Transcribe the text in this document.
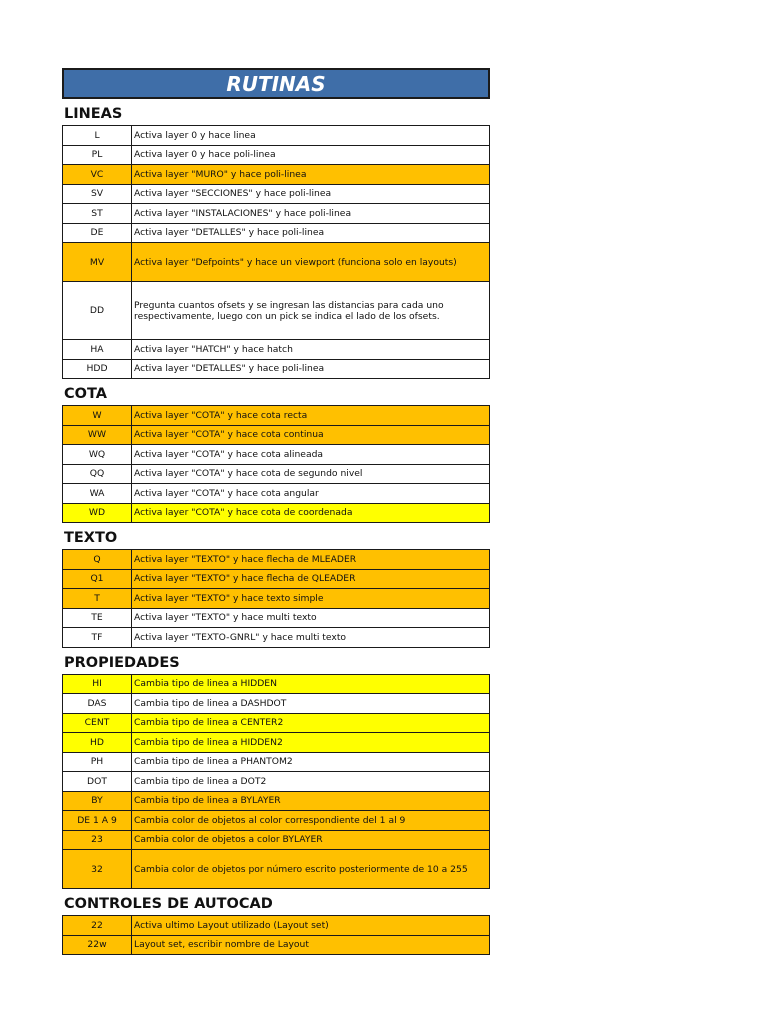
RUTINAS
LINEAS
L	Activa layer 0 y hace linea
PL	Activa layer 0 y hace poli-linea
VC	Activa layer "MURO" y hace poli-linea
SV	Activa layer "SECCIONES" y hace poli-linea
ST	Activa layer "INSTALACIONES" y hace poli-linea
DE	Activa layer "DETALLES" y hace poli-linea
MV	Activa layer "Defpoints" y hace un viewport (funciona solo en layouts)
DD	Pregunta cuantos ofsets y se ingresan las distancias para cada uno respectivamente, luego con un pick se indica el lado de los ofsets.
HA	Activa layer "HATCH" y hace hatch
HDD	Activa layer "DETALLES" y hace poli-linea
COTA
W	Activa layer "COTA" y hace cota recta
WW	Activa layer "COTA" y hace cota continua
WQ	Activa layer "COTA" y hace cota alineada
QQ	Activa layer "COTA" y hace cota de segundo nivel
WA	Activa layer "COTA" y hace cota angular
WD	Activa layer "COTA" y hace cota de coordenada
TEXTO
Q	Activa layer "TEXTO" y hace flecha de MLEADER
Q1	Activa layer "TEXTO" y hace flecha de QLEADER
T	Activa layer "TEXTO" y hace texto simple
TE	Activa layer "TEXTO" y hace multi texto
TF	Activa layer "TEXTO-GNRL" y hace multi texto
PROPIEDADES
HI	Cambia tipo de linea a HIDDEN
DAS	Cambia tipo de linea a DASHDOT
CENT	Cambia tipo de linea a CENTER2
HD	Cambia tipo de linea a HIDDEN2
PH	Cambia tipo de linea a PHANTOM2
DOT	Cambia tipo de linea a DOT2
BY	Cambia tipo de linea a BYLAYER
DE 1 A 9	Cambia color de objetos al color correspondiente del 1 al 9
23	Cambia color de objetos a color BYLAYER
32	Cambia color de objetos por número escrito posteriormente de 10 a 255
CONTROLES DE AUTOCAD
22	Activa ultimo Layout utilizado (Layout set)
22w	Layout set, escribir nombre de Layout
